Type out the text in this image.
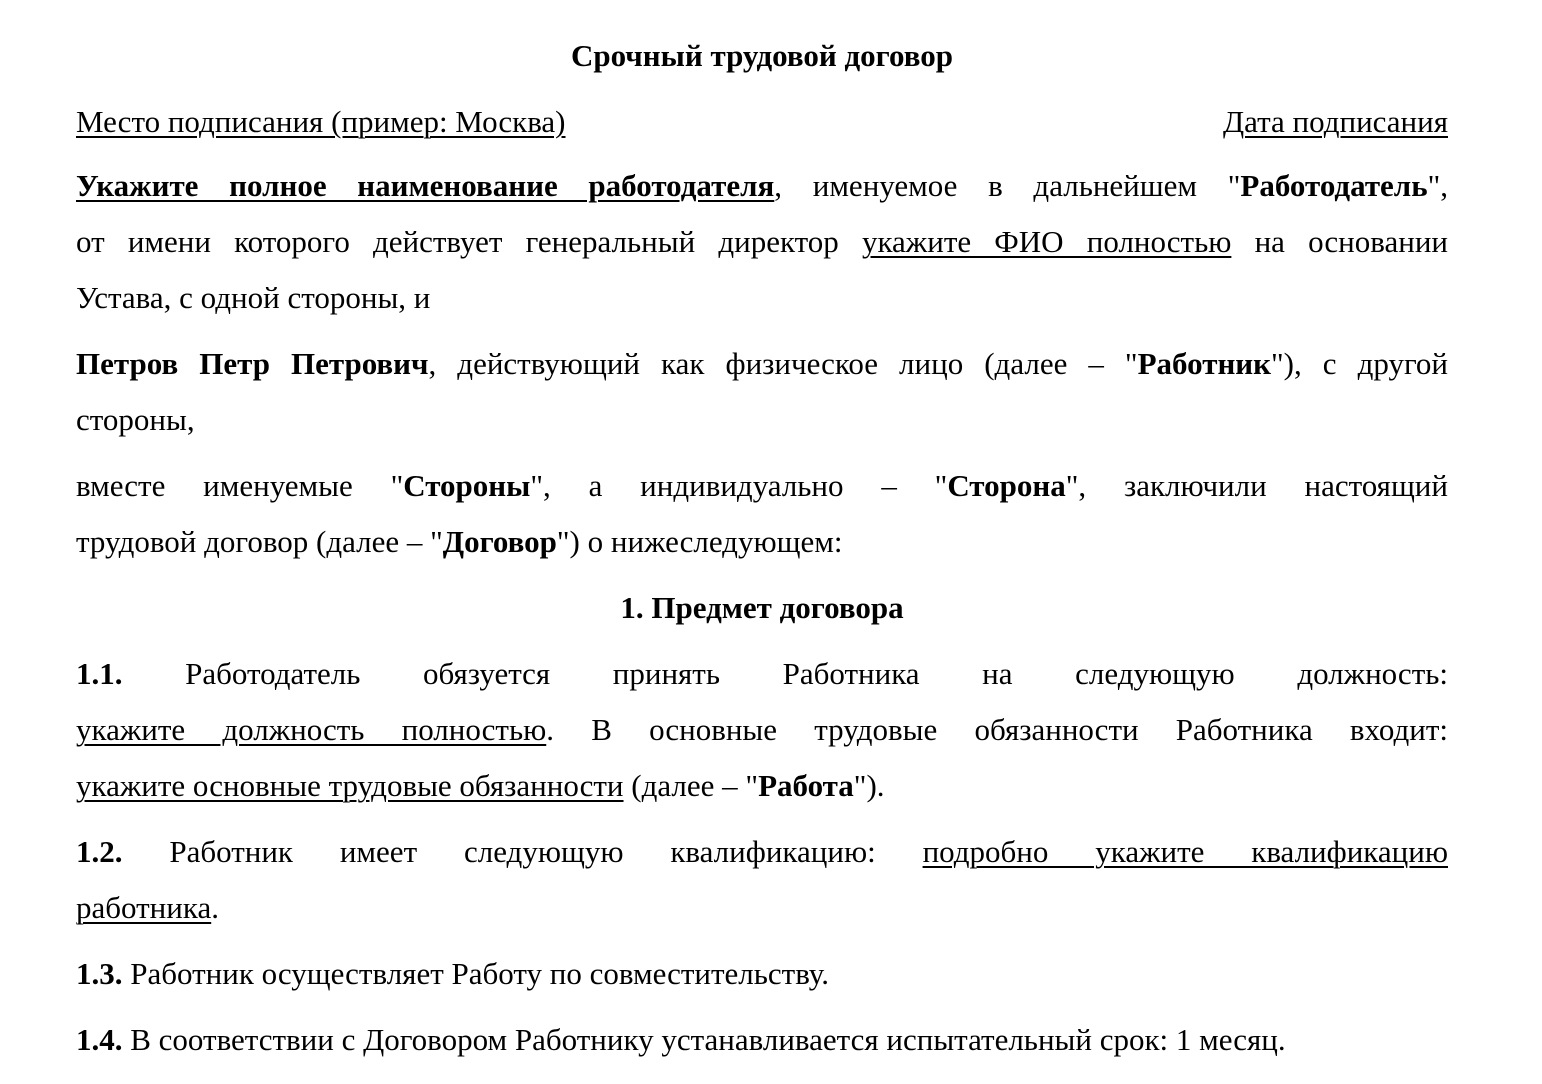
Срочный трудовой договор
Место подписания (пример: Москва)	Дата подписания

Укажите полное наименование работодателя, именуемое в дальнейшем "Работодатель",

от имени которого действует генеральный директор укажите ФИО полностью на основании

Устава, с одной стороны, и

Петров Петр Петрович, действующий как физическое лицо (далее – "Работник"), с другой

стороны,

вместе именуемые "Стороны", а индивидуально – "Сторона", заключили настоящий

трудовой договор (далее – "Договор") о нижеследующем:

1. Предмет договора

1.1. Работодатель обязуется принять Работника на следующую должность:

укажите должность полностью. В основные трудовые обязанности Работника входит:

укажите основные трудовые обязанности (далее – "Работа").

1.2. Работник имеет следующую квалификацию: подробно укажите квалификацию

работника.

1.3. Работник осуществляет Работу по совместительству.

1.4. В соответствии с Договором Работнику устанавливается испытательный срок: 1 месяц.
